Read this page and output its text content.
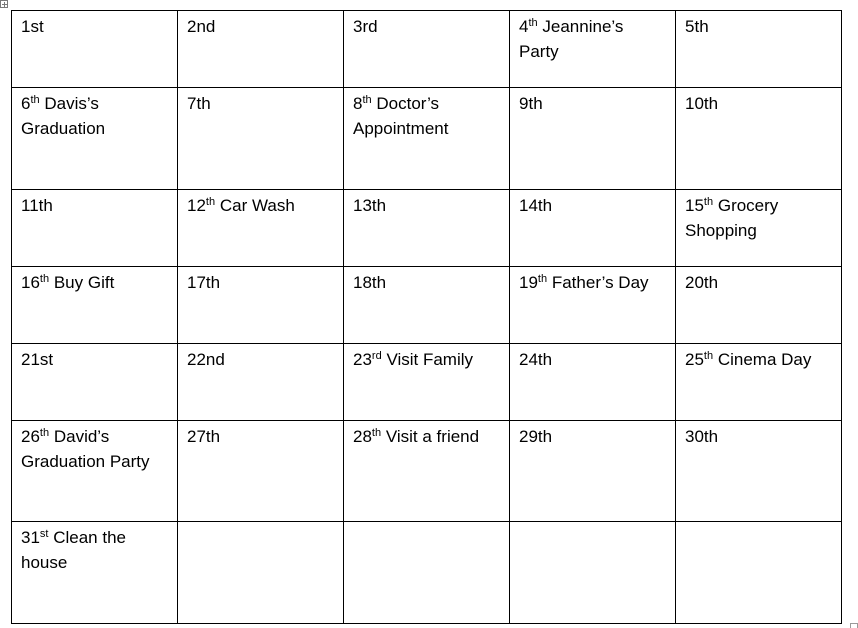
1st	2nd	3rd	4th Jeannine’s Party	5th
6th Davis’s Graduation	7th	8th Doctor’s Appointment	9th	10th
11th	12th Car Wash	13th	14th	15th Grocery Shopping
16th Buy Gift	17th	18th	19th Father’s Day	20th
21st	22nd	23rd Visit Family	24th	25th Cinema Day
26th David’s Graduation Party	27th	28th Visit a friend	29th	30th
31st Clean the house				
